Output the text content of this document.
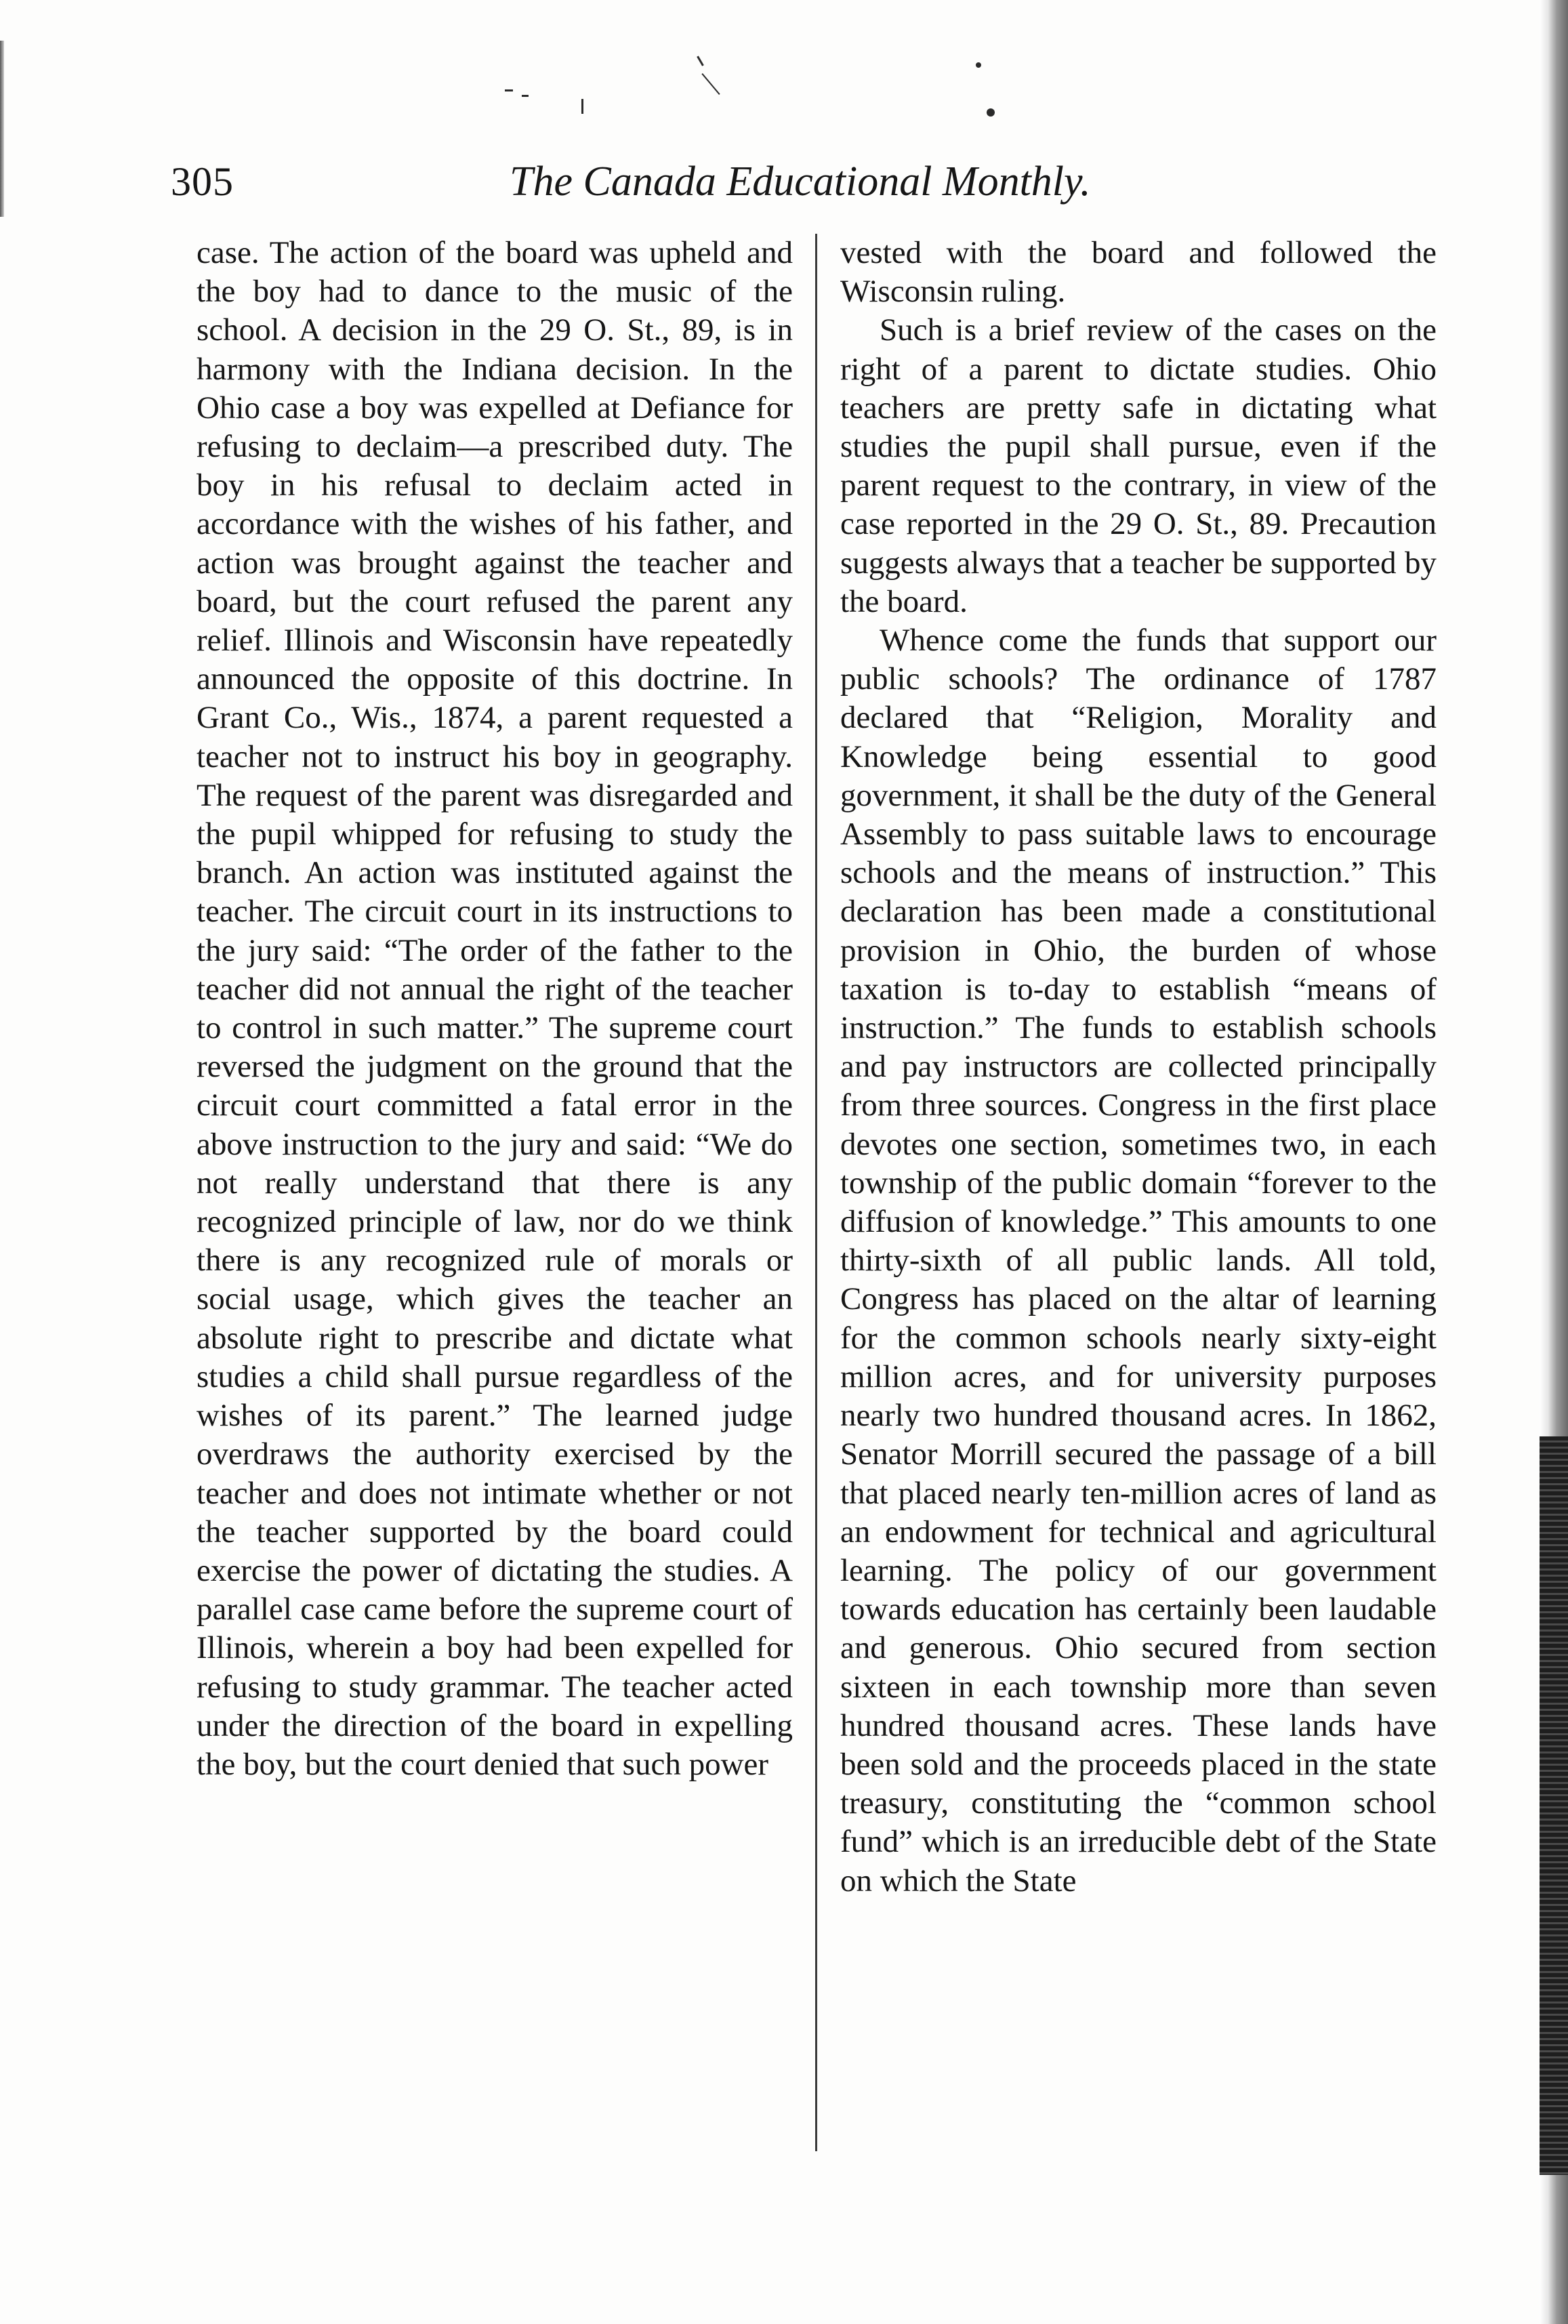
305	The Canada Educational Monthly.

case. The action of the board was upheld and the boy had to dance to the music of the school. A decision in the 29 O. St., 89, is in harmony with the Indiana decision. In the Ohio case a boy was expelled at Defiance for refusing to declaim—a prescribed duty. The boy in his refusal to declaim acted in accordance with the wishes of his father, and action was brought against the teacher and board, but the court refused the parent any relief. Illinois and Wisconsin have repeatedly announced the opposite of this doctrine. In Grant Co., Wis., 1874, a parent requested a teacher not to instruct his boy in geography. The request of the parent was disregarded and the pupil whipped for refusing to study the branch. An action was instituted against the teacher. The circuit court in its instructions to the jury said: “The order of the father to the teacher did not annual the right of the teacher to control in such matter.” The supreme court reversed the judgment on the ground that the circuit court committed a fatal error in the above instruction to the jury and said: “We do not really understand that there is any recognized principle of law, nor do we think there is any recognized rule of morals or social usage, which gives the teacher an absolute right to prescribe and dictate what studies a child shall pursue regardless of the wishes of its parent.” The learned judge overdraws the authority exercised by the teacher and does not intimate whether or not the teacher supported by the board could exercise the power of dictating the studies. A parallel case came before the supreme court of Illinois, wherein a boy had been expelled for refusing to study grammar. The teacher acted under the direction of the board in expelling the boy, but the court denied that such power

vested with the board and followed the Wisconsin ruling.

Such is a brief review of the cases on the right of a parent to dictate studies. Ohio teachers are pretty safe in dictating what studies the pupil shall pursue, even if the parent request to the contrary, in view of the case reported in the 29 O. St., 89. Precaution suggests always that a teacher be supported by the board.

Whence come the funds that support our public schools? The ordinance of 1787 declared that “Religion, Morality and Knowledge being essential to good government, it shall be the duty of the General Assembly to pass suitable laws to encourage schools and the means of instruction.” This declaration has been made a constitutional provision in Ohio, the burden of whose taxation is to-day to establish “means of instruction.” The funds to establish schools and pay instructors are collected principally from three sources. Congress in the first place devotes one section, sometimes two, in each township of the public domain “forever to the diffusion of knowledge.” This amounts to one thirty-sixth of all public lands. All told, Congress has placed on the altar of learning for the common schools nearly sixty-eight million acres, and for university purposes nearly two hundred thousand acres. In 1862, Senator Morrill secured the passage of a bill that placed nearly ten-million acres of land as an endowment for technical and agricultural learning. The policy of our government towards education has certainly been laudable and generous. Ohio secured from section sixteen in each township more than seven hundred thousand acres. These lands have been sold and the proceeds placed in the state treasury, constituting the “common school fund” which is an irreducible debt of the State on which the State
